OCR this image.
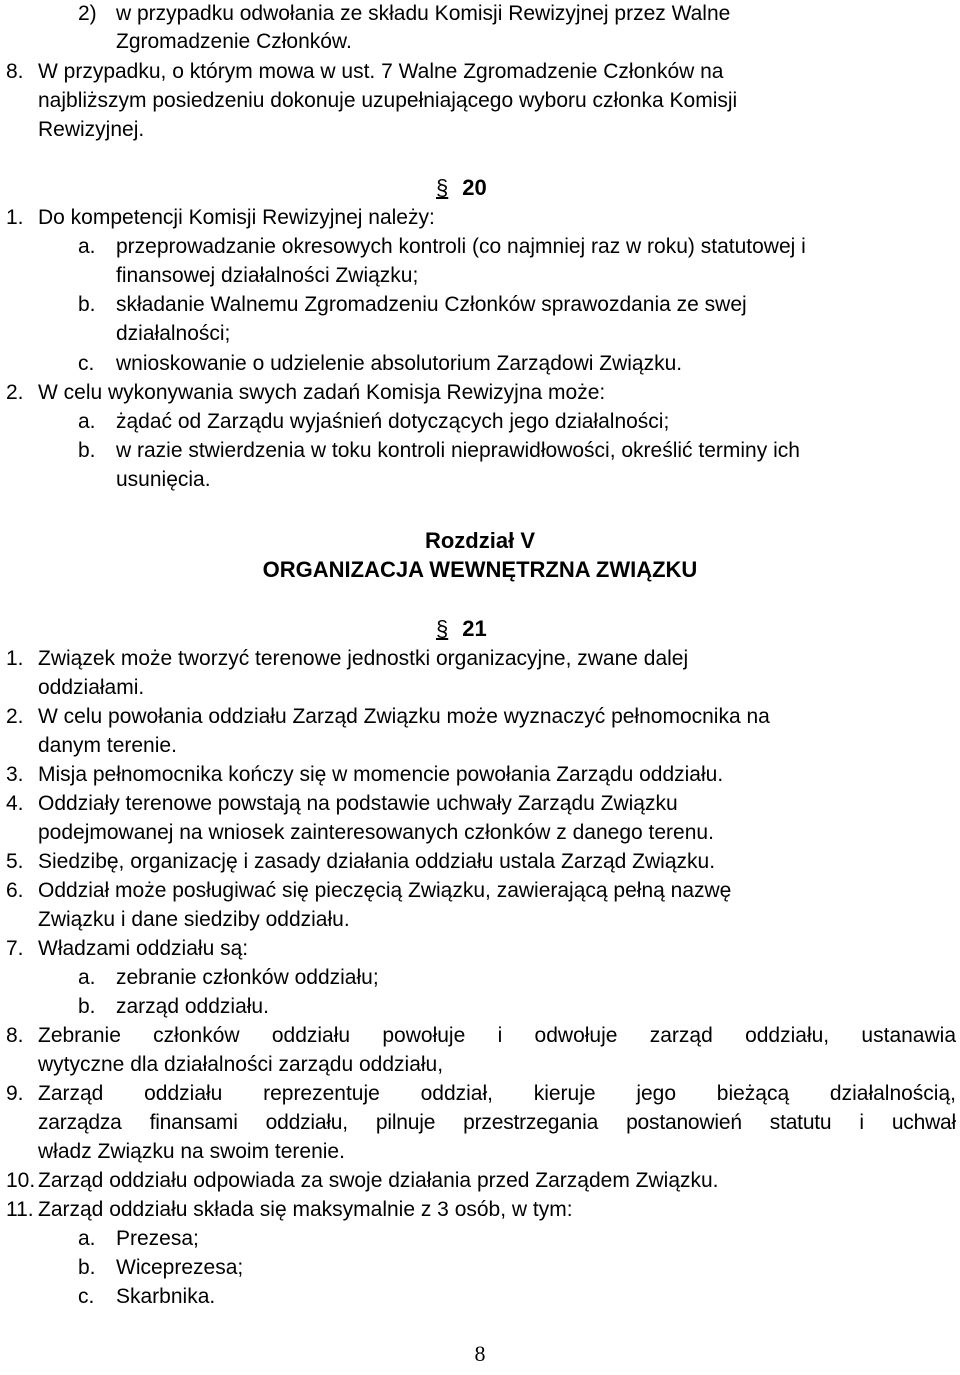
2) w przypadku odwołania ze składu Komisji Rewizyjnej przez Walne
Zgromadzenie Członków.
8. W przypadku, o którym mowa w ust. 7 Walne Zgromadzenie Członków na
najbliższym posiedzeniu dokonuje uzupełniającego wyboru członka Komisji
Rewizyjnej.
§ 20
1. Do kompetencji Komisji Rewizyjnej należy:
a. przeprowadzanie okresowych kontroli (co najmniej raz w roku) statutowej i
finansowej działalności Związku;
b. składanie Walnemu Zgromadzeniu Członków sprawozdania ze swej
działalności;
c. wnioskowanie o udzielenie absolutorium Zarządowi Związku.
2. W celu wykonywania swych zadań Komisja Rewizyjna może:
a. żądać od Zarządu wyjaśnień dotyczących jego działalności;
b. w razie stwierdzenia w toku kontroli nieprawidłowości, określić terminy ich
usunięcia.
Rozdział V
ORGANIZACJA WEWNĘTRZNA ZWIĄZKU
§ 21
1. Związek może tworzyć terenowe jednostki organizacyjne, zwane dalej
oddziałami.
2. W celu powołania oddziału Zarząd Związku może wyznaczyć pełnomocnika na
danym terenie.
3. Misja pełnomocnika kończy się w momencie powołania Zarządu oddziału.
4. Oddziały terenowe powstają na podstawie uchwały Zarządu Związku
podejmowanej na wniosek zainteresowanych członków z danego terenu.
5. Siedzibę, organizację i zasady działania oddziału ustala Zarząd Związku.
6. Oddział może posługiwać się pieczęcią Związku, zawierającą pełną nazwę
Związku i dane siedziby oddziału.
7. Władzami oddziału są:
a. zebranie członków oddziału;
b. zarząd oddziału.
8. Zebranie członków oddziału powołuje i odwołuje zarząd oddziału, ustanawia
wytyczne dla działalności zarządu oddziału,
9. Zarząd oddziału reprezentuje oddział, kieruje jego bieżącą działalnością,
zarządza finansami oddziału, pilnuje przestrzegania postanowień statutu i uchwał
władz Związku na swoim terenie.
10. Zarząd oddziału odpowiada za swoje działania przed Zarządem Związku.
11. Zarząd oddziału składa się maksymalnie z 3 osób, w tym:
a. Prezesa;
b. Wiceprezesa;
c. Skarbnika.
8
